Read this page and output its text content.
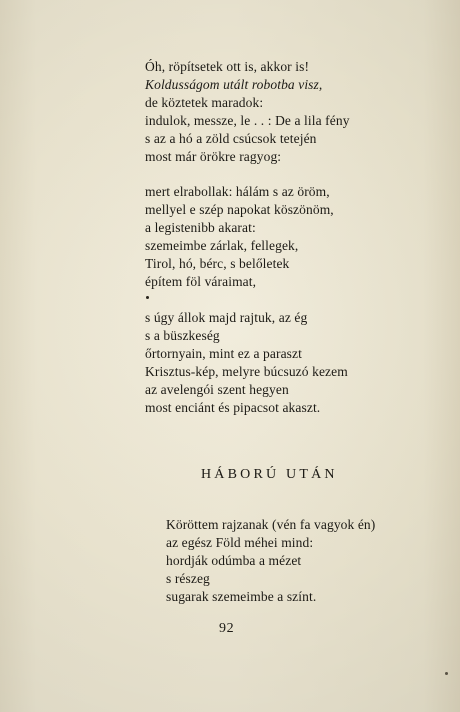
Óh, röpítsetek ott is, akkor is!
Koldusságom utált robotba visz,
de köztetek maradok:
indulok, messze, le . . : De a lila fény
s az a hó a zöld csúcsok tetején
most már örökre ragyog:
mert elrabollak: hálám s az öröm,
mellyel e szép napokat köszönöm,
a legistenibb akarat:
szemeimbe zárlak, fellegek,
Tirol, hó, bérc, s belőletek
építem föl váraimat,
s úgy állok majd rajtuk, az ég
s a büszkeség
őrtornyain, mint ez a paraszt
Krisztus-kép, melyre búcsuzó kezem
az avelengói szent hegyen
most enciánt és pipacsot akaszt.
HÁBORÚ UTÁN
Köröttem rajzanak (vén fa vagyok én)
az egész Föld méhei mind:
hordják odúmba a mézet
s részeg
sugarak szemeimbe a színt.
92
